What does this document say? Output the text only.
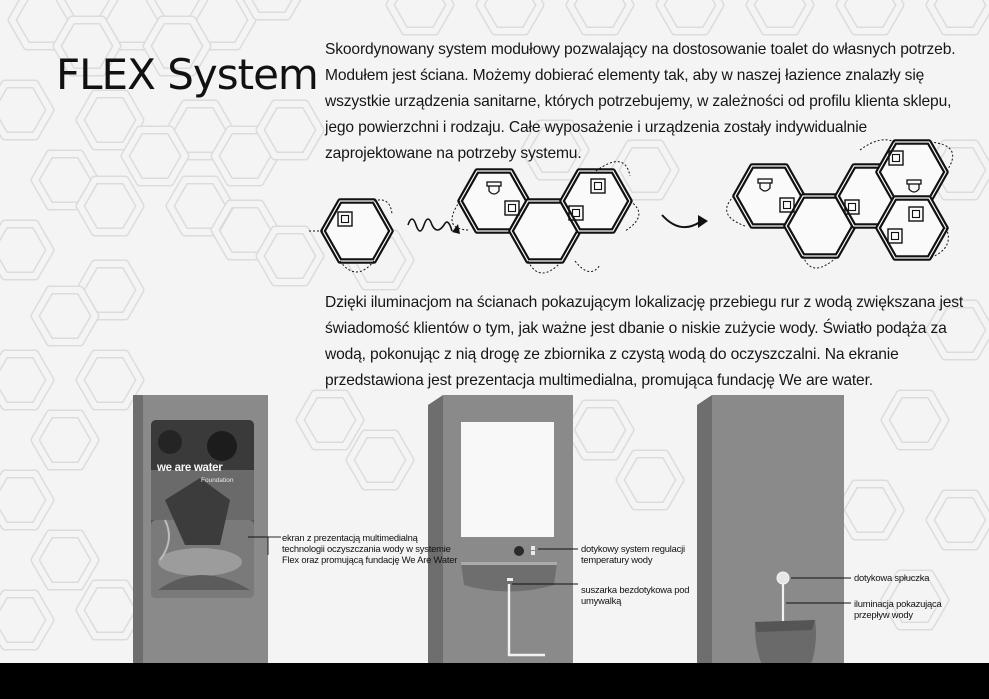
FLEX System

Skoordynowany system modułowy pozwalający na dostosowanie toalet do własnych potrzeb. Modułem jest ściana. Możemy dobierać elementy tak, aby w naszej łazience znalazły się wszystkie urządzenia sanitarne, których potrzebujemy, w zależności od profilu klienta sklepu, jego powierzchni i rodzaju. Całe wyposażenie i urządzenia zostały indywidualnie zaprojektowane na potrzeby systemu.

Dzięki iluminacjom na ścianach pokazującym lokalizację przebiegu rur z wodą zwiększana jest świadomość klientów o tym, jak ważne jest dbanie o niskie zużycie wody. Światło podąża za wodą, pokonując z nią drogę ze zbiornika z czystą wodą do oczyszczalni. Na ekranie przedstawiona jest prezentacja multimedialna, promująca fundację We are water.

we are water
Foundation
ekran z prezentacją multimedialną technologii oczyszczania wody w systemie Flex oraz promującą fundację We Are Water
dotykowy system regulacji temperatury wody
suszarka bezdotykowa pod umywalką
dotykowa spłuczka
iluminacja pokazująca przepływ wody
